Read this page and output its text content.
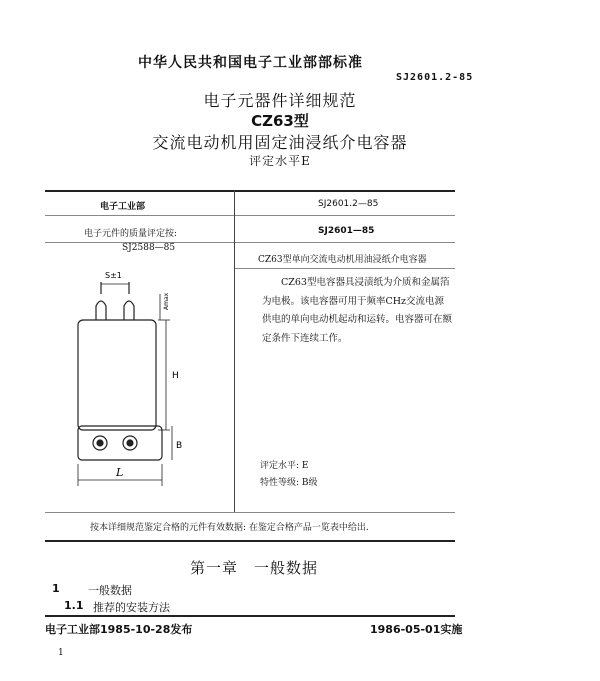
中华人民共和国电子工业部部标准
SJ2601.2-85
电子元器件详细规范
CZ63型
交流电动机用固定油浸纸介电容器
评定水平E
电子工业部
电子元件的质量评定按:
SJ2588—85
SJ2601.2—85
SJ2601—85
CZ63型单向交流电动机用油浸纸介电容器
CZ63型电容器具浸渍纸为介质和金属箔为电极。该电容器可用于频率CHz交流电源供电的单向电动机起动和运转。电容器可在额定条件下连续工作。
评定水平: E
特性等级: B级
S±1
Amax
H
B
L
按本详细规范鉴定合格的元件有效数据: 在鉴定合格产品一览表中给出.
第一章　一般数据
1	一般数据
1.1 推荐的安装方法
电子工业部1985-10-28发布	1986-05-01实施
1
